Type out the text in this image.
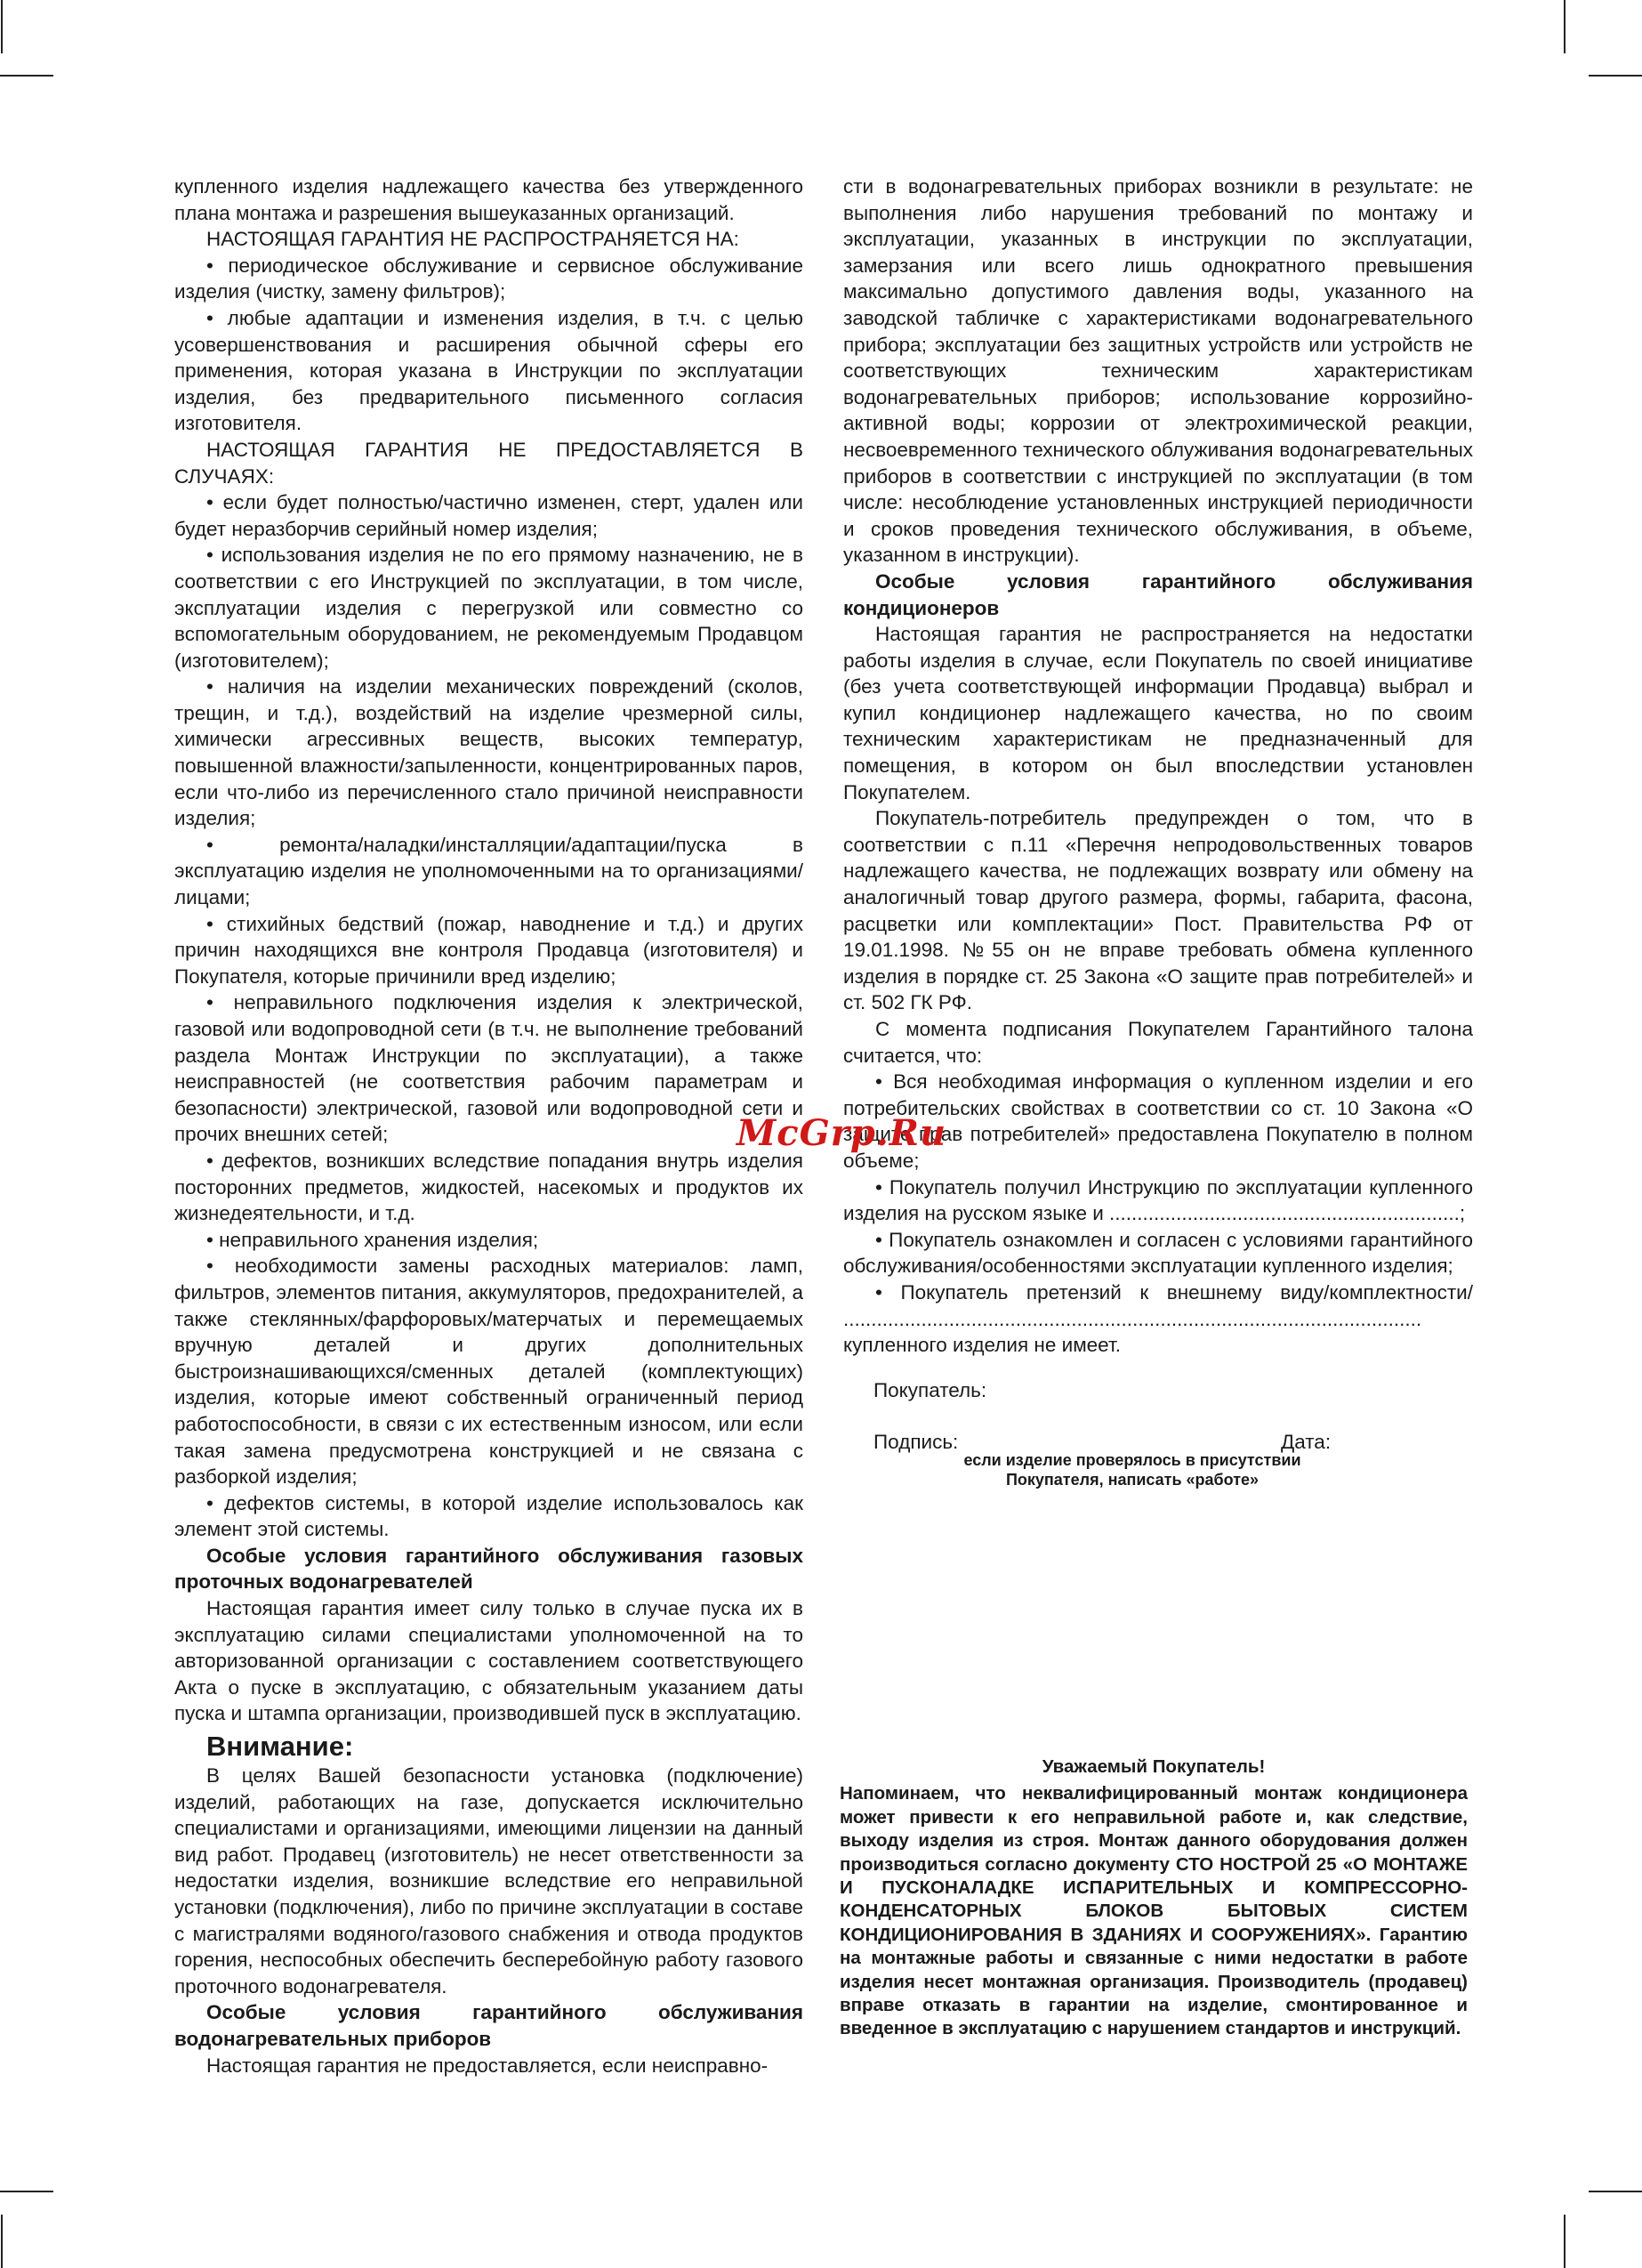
купленного изделия надлежащего качества без утвержденного плана монтажа и разрешения вышеуказанных организаций.

НАСТОЯЩАЯ ГАРАНТИЯ НЕ РАСПРОСТРАНЯЕТСЯ НА:

• периодическое обслуживание и сервисное обслуживание изделия (чистку, замену фильтров);

• любые адаптации и изменения изделия, в т.ч. с целью усовершенствования и расширения обычной сферы его применения, которая указана в Инструкции по эксплуатации изделия, без предварительного письменного согласия изготовителя.

НАСТОЯЩАЯ ГАРАНТИЯ НЕ ПРЕДОСТАВЛЯЕТСЯ В СЛУЧАЯХ:

• если будет полностью/частично изменен, стерт, удален или будет неразборчив серийный номер изделия;

• использования изделия не по его прямому назначению, не в соответствии с его Инструкцией по эксплуатации, в том числе, эксплуатации изделия с перегрузкой или совместно со вспомогательным оборудованием, не рекомендуемым Продавцом (изготовителем);

• наличия на изделии механических повреждений (сколов, трещин, и т.д.), воздействий на изделие чрезмерной силы, химически агрессивных веществ, высоких температур, повышенной влажности/запыленности, концентрированных паров, если что-либо из перечисленного стало причиной неисправности изделия;

• ремонта/наладки/инсталляции/адаптации/пуска в эксплуатацию изделия не уполномоченными на то организациями/лицами;

• стихийных бедствий (пожар, наводнение и т.д.) и других причин находящихся вне контроля Продавца (изготовителя) и Покупателя, которые причинили вред изделию;

• неправильного подключения изделия к электрической, газовой или водопроводной сети (в т.ч. не выполнение требований раздела Монтаж Инструкции по эксплуатации), а также неисправностей (не соответствия рабочим параметрам и безопасности) электрической, газовой или водопроводной сети и прочих внешних сетей;

• дефектов, возникших вследствие попадания внутрь изделия посторонних предметов, жидкостей, насекомых и продуктов их жизнедеятельности, и т.д.

• неправильного хранения изделия;

• необходимости замены расходных материалов: ламп, фильтров, элементов питания, аккумуляторов, предохранителей, а также стеклянных/фарфоровых/матерчатых и перемещаемых вручную деталей и других дополнительных быстроизнашивающихся/сменных деталей (комплектующих) изделия, которые имеют собственный ограниченный период работоспособности, в связи с их естественным износом, или если такая замена предусмотрена конструкцией и не связана с разборкой изделия;

• дефектов системы, в которой изделие использовалось как элемент этой системы.

Особые условия гарантийного обслуживания газовых проточных водонагревателей

Настоящая гарантия имеет силу только в случае пуска их в эксплуатацию силами специалистами уполномоченной на то авторизованной организации с составлением соответствующего Акта о пуске в эксплуатацию, с обязательным указанием даты пуска и штампа организации, производившей пуск в эксплуатацию.

Внимание:

В целях Вашей безопасности установка (подключение) изделий, работающих на газе, допускается исключительно специалистами и организациями, имеющими лицензии на данный вид работ. Продавец (изготовитель) не несет ответственности за недостатки изделия, возникшие вследствие его неправильной установки (подключения), либо по причине эксплуатации в составе с магистралями водяного/газового снабжения и отвода продуктов горения, неспособных обеспечить бесперебойную работу газового проточного водонагревателя.

Особые условия гарантийного обслуживания водонагревательных приборов

Настоящая гарантия не предоставляется, если неисправно-

сти в водонагревательных приборах возникли в результате: не выполнения либо нарушения требований по монтажу и эксплуатации, указанных в инструкции по эксплуатации, замерзания или всего лишь однократного превышения максимально допустимого давления воды, указанного на заводской табличке с характеристиками водонагревательного прибора; эксплуатации без защитных устройств или устройств не соответствующих техническим характеристикам водонагревательных приборов; использование коррозийно-активной воды; коррозии от электрохимической реакции, несвоевременного технического облуживания водонагревательных приборов в соответствии с инструкцией по эксплуатации (в том числе: несоблюдение установленных инструкцией периодичности и сроков проведения технического обслуживания, в объеме, указанном в инструкции).

Особые условия гарантийного обслуживания кондиционеров

Настоящая гарантия не распространяется на недостатки работы изделия в случае, если Покупатель по своей инициативе (без учета соответствующей информации Продавца) выбрал и купил кондиционер надлежащего качества, но по своим техническим характеристикам не предназначенный для помещения, в котором он был впоследствии установлен Покупателем.

Покупатель-потребитель предупрежден о том, что в соответствии с п.11 «Перечня непродовольственных товаров надлежащего качества, не подлежащих возврату или обмену на аналогичный товар другого размера, формы, габарита, фасона, расцветки или комплектации» Пост. Правительства РФ от 19.01.1998. №55 он не вправе требовать обмена купленного изделия в порядке ст. 25 Закона «О защите прав потребителей» и ст. 502 ГК РФ.

С момента подписания Покупателем Гарантийного талона считается, что:

• Вся необходимая информация о купленном изделии и его потребительских свойствах в соответствии со ст. 10 Закона «О защите прав потребителей» предоставлена Покупателю в полном объеме;

• Покупатель получил Инструкцию по эксплуатации купленного изделия на русском языке и ...............................................................;

• Покупатель ознакомлен и согласен с условиями гарантийного обслуживания/особенностями эксплуатации купленного изделия;

• Покупатель претензий к внешнему виду/комплектности/ ........................................................................................................ купленного изделия не имеет.

Покупатель:
Подпись:	Дата:
если изделие проверялось в присутствии
Покупателя, написать «работе»

Уважаемый Покупатель!

Напоминаем, что неквалифицированный монтаж кондиционера может привести к его неправильной работе и, как следствие, выходу изделия из строя. Монтаж данного оборудования должен производиться согласно документу СТО НОСТРОЙ 25 «О МОНТАЖЕ И ПУСКОНАЛАДКЕ ИСПАРИТЕЛЬНЫХ И КОМПРЕССОРНО-КОНДЕНСАТОРНЫХ БЛОКОВ БЫТОВЫХ СИСТЕМ КОНДИЦИОНИРОВАНИЯ В ЗДАНИЯХ И СООРУЖЕНИЯХ». Гарантию на монтажные работы и связанные с ними недостатки в работе изделия несет монтажная организация. Производитель (продавец) вправе отказать в гарантии на изделие, смонтированное и введенное в эксплуатацию с нарушением стандартов и инструкций.

McGrp.Ru
